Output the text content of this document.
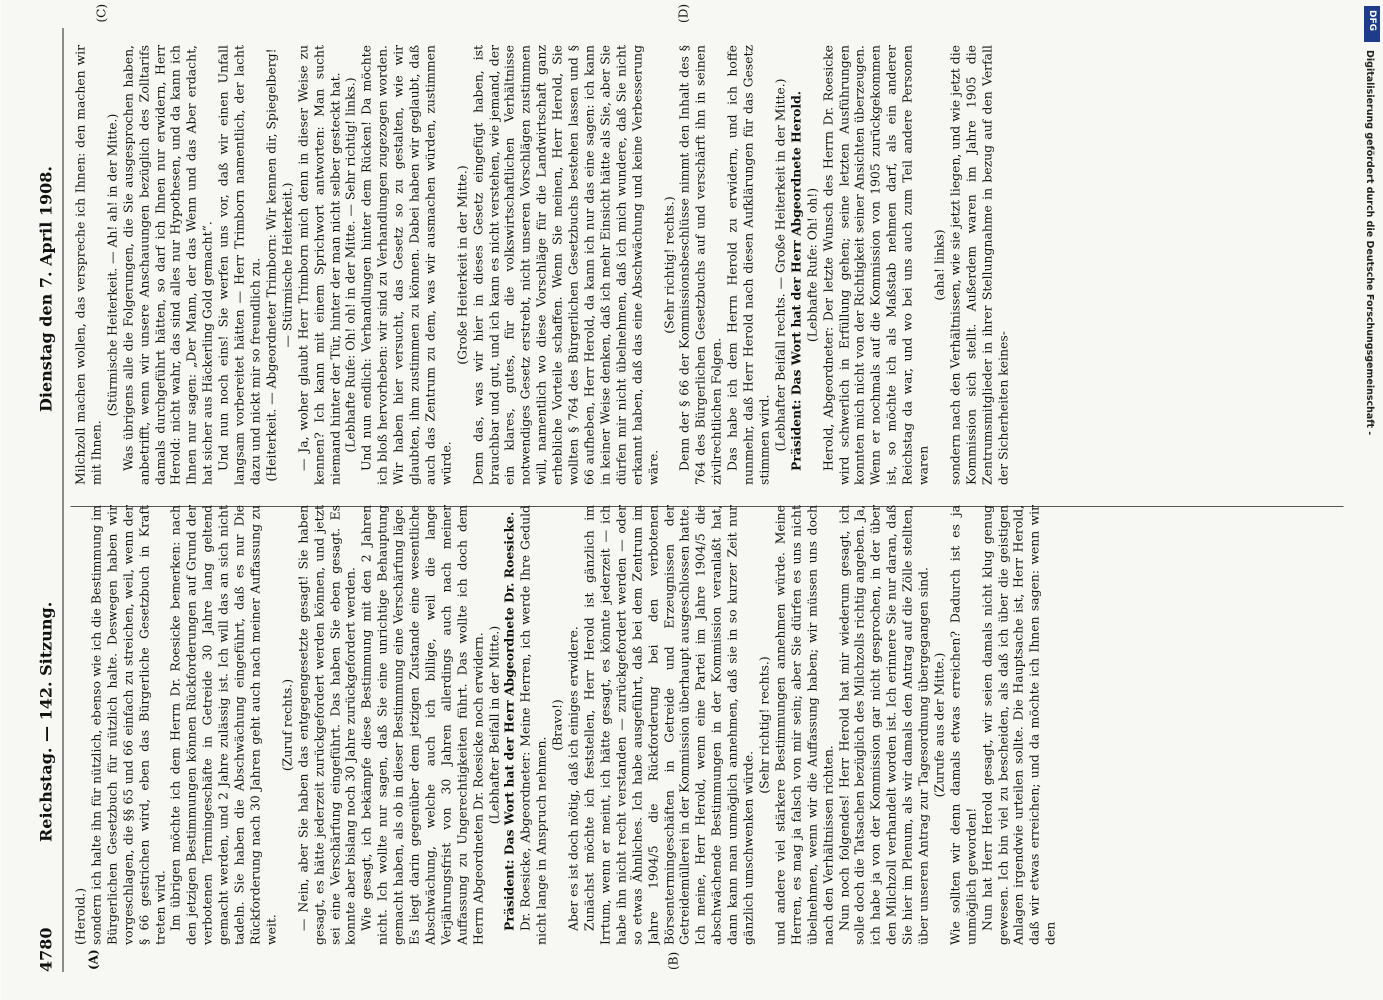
4780
Reichstag. — 142. Sitzung.
Dienstag den 7. April 1908.
(A)	(B)
(C)	(D)

(Herold.) sondern ich halte ihn für nützlich, ebenso wie ich die Bestimmung im Bürgerlichen Gesetzbuch für nützlich halte. Deswegen haben wir vorgeschlagen, die §§ 65 und 66 einfach zu streichen, weil, wenn der § 66 gestrichen wird, eben das Bürgerliche Gesetzbuch in Kraft treten wird. Im übrigen möchte ich dem Herrn Dr. Roesicke bemerken: nach den jetzigen Bestimmungen können Rückforderungen auf Grund der verbotenen Termingeschäfte in Getreide 30 Jahre lang geltend gemacht werden, und 2 Jahre zulässig ist. Ich will das an sich nicht tadeln. Sie haben die Abschwächung eingeführt, daß es nur Die Rückforderung nach 30 Jahren geht auch nach meiner Auffassung zu weit.

(Zuruf rechts.) — Nein, aber Sie haben das entgegengesetzte gesagt! Sie haben gesagt, es hätte jederzeit zurückgefordert werden können, und jetzt sei eine Verschärfung eingeführt. Das haben Sie eben gesagt. Es konnte aber bislang noch 30 Jahre zurückgefordert werden. Wie gesagt, ich bekämpfe diese Bestimmung mit den 2 Jahren nicht. Ich wollte nur sagen, daß Sie eine unrichtige Behauptung gemacht haben, als ob in dieser Bestimmung eine Verschärfung läge. Es liegt darin gegenüber dem jetzigen Zustande eine wesentliche Abschwächung, welche auch ich billige, weil die lange Verjährungsfrist von 30 Jahren allerdings auch nach meiner Auffassung zu Ungerechtigkeiten führt. Das wollte ich doch dem Herrn Abgeordneten Dr. Roesicke noch erwidern. (Lebhafter Beifall in der Mitte.) Präsident: Das Wort hat der Herr Abgeordnete Dr. Roesicke. Dr. Roesicke, Abgeordneter: Meine Herren, ich werde Ihre Geduld nicht lange in Anspruch nehmen.

(Bravo!) Aber es ist doch nötig, daß ich einiges erwidere. Zunächst möchte ich feststellen, Herr Herold ist gänzlich im Irrtum, wenn er meint, ich hätte gesagt, es könnte jederzeit — ich habe ihn nicht recht verstanden — zurückgefordert werden — oder so etwas Ähnliches. Ich habe ausgeführt, daß bei dem Zentrum im Jahre 1904/5 die Rückforderung bei den verbotenen Börsentermingeschäften in Getreide und Erzeugnissen der Getreidemüllerei in der Kommission überhaupt ausgeschlossen hatte. Ich meine, Herr Herold, wenn eine Partei im Jahre 1904/5 die abschwächende Bestimmungen in der Kommission veranlaßt hat, dann kann man unmöglich annehmen, daß sie in so kurzer Zeit nur gänzlich umschwenken würde.

(Sehr richtig! rechts.) und andere viel stärkere Bestimmungen annehmen würde. Meine Herren, es mag ja falsch von mir sein; aber Sie dürfen es uns nicht übelnehmen, wenn wir die Auffassung haben; wir müssen uns doch nach den Verhältnissen richten. Nun noch folgendes! Herr Herold hat mir wiederum gesagt, ich solle doch die Tatsachen bezüglich des Milchzolls richtig angeben. Ja, ich habe ja von der Kommission gar nicht gesprochen, in der über den Milchzoll verhandelt worden ist. Ich erinnere Sie nur daran, daß Sie hier im Plenum, als wir damals den Antrag auf die Zölle stellten, über unseren Antrag zur Tagesordnung übergegangen sind. (Zurufe aus der Mitte.) Wie sollten wir denn damals etwas erreichen? Dadurch ist es ja unmöglich geworden! Nun hat Herr Herold gesagt, wir seien damals nicht klug genug gewesen. Ich bin viel zu bescheiden, als daß ich über die geistigen Anlagen irgendwie urteilen sollte. Die Hauptsache ist, Herr Herold, daß wir etwas erreichen; und da möchte ich Ihnen sagen: wenn wir den

Milchzoll machen wollen, das verspreche ich Ihnen: den machen wir mit Ihnen.

(Stürmische Heiterkeit. — Ah! ah! in der Mitte.) Was übrigens alle die Folgerungen, die Sie ausgesprochen haben, anbetrifft, wenn wir unsere Anschauungen bezüglich des Zolltarifs damals durchgeführt hätten, so darf ich Ihnen nur erwidern, Herr Herold: nicht wahr, das sind alles nur Hypothesen, und da kann ich Ihnen nur sagen: „Der Mann, der das Wenn und das Aber erdacht, hat sicher aus Häckerling Gold gemacht“. Und nun noch eins! Sie werfen uns vor, daß wir einen Unfall langsam vorbereitet hätten — Herr Trimborn namentlich, der lacht dazu und nickt mir so freundlich zu. (Heiterkeit. — Abgeordneter Trimborn: Wir kennen dir, Spiegelberg! — Stürmische Heiterkeit.) — Ja, woher glaubt Herr Trimborn mich denn in dieser Weise zu kennen? Ich kann mit einem Sprichwort antworten: Man sucht niemand hinter der Tür, hinter der man nicht selber gesteckt hat. (Lebhafte Rufe: Oh! oh! in der Mitte. — Sehr richtig! links.) Und nun endlich: Verhandlungen hinter dem Rücken! Da möchte ich bloß hervorheben: wir sind zu Verhandlungen zugezogen worden. Wir haben hier versucht, das Gesetz so zu gestalten, wie wir glaubten, ihm zustimmen zu können. Dabei haben wir geglaubt, daß auch das Zentrum zu dem, was wir ausmachen würden, zustimmen würde.

(Große Heiterkeit in der Mitte.) Denn das, was wir hier in dieses Gesetz eingefügt haben, ist brauchbar und gut, und ich kann es nicht verstehen, wie jemand, der ein klares, gutes, für die volkswirtschaftlichen Verhältnisse notwendiges Gesetz erstrebt, nicht unseren Vorschlägen zustimmen will, namentlich wo diese Vorschläge für die Landwirtschaft ganz erhebliche Vorteile schaffen. Wenn Sie meinen, Herr Herold, Sie wollten § 764 des Bürgerlichen Gesetzbuchs bestehen lassen und § 66 aufheben, Herr Herold, da kann ich nur das eine sagen: ich kann in keiner Weise denken, daß ich mehr Einsicht hätte als Sie, aber Sie dürfen mir nicht übelnehmen, daß ich mich wundere, daß Sie nicht erkannt haben, daß das eine Abschwächung und keine Verbesserung wäre.

(Sehr richtig! rechts.) Denn der § 66 der Kommissionsbeschlüsse nimmt den Inhalt des § 764 des Bürgerlichen Gesetzbuchs auf und verschärft ihn in seinen zivilrechtlichen Folgen. Das habe ich dem Herrn Herold zu erwidern, und ich hoffe nunmehr, daß Herr Herold nach diesen Aufklärungen für das Gesetz stimmen wird. (Lebhafter Beifall rechts. — Große Heiterkeit in der Mitte.) Präsident: Das Wort hat der Herr Abgeordnete Herold. (Lebhafte Rufe: Oh! oh!) Herold, Abgeordneter: Der letzte Wunsch des Herrn Dr. Roesicke wird schwerlich in Erfüllung gehen; seine letzten Ausführungen konnten mich nicht von der Richtigkeit seiner Ansichten überzeugen. Wenn er nochmals auf die Kommission von 1905 zurückgekommen ist, so möchte ich als Maßstab nehmen darf, als ein anderer Reichstag da war, und wo bei uns auch zum Teil andere Personen waren

(aha! links) sondern nach den Verhältnissen, wie sie jetzt liegen, und wie jetzt die Kommission sich stellt. Außerdem waren im Jahre 1905 die Zentrumsmitglieder in ihrer Stellungnahme in bezug auf den Verfall der Sicherheiten keines-

DFG
Digitalisierung gefördert durch die Deutsche Forschungsgemeinschaft -
